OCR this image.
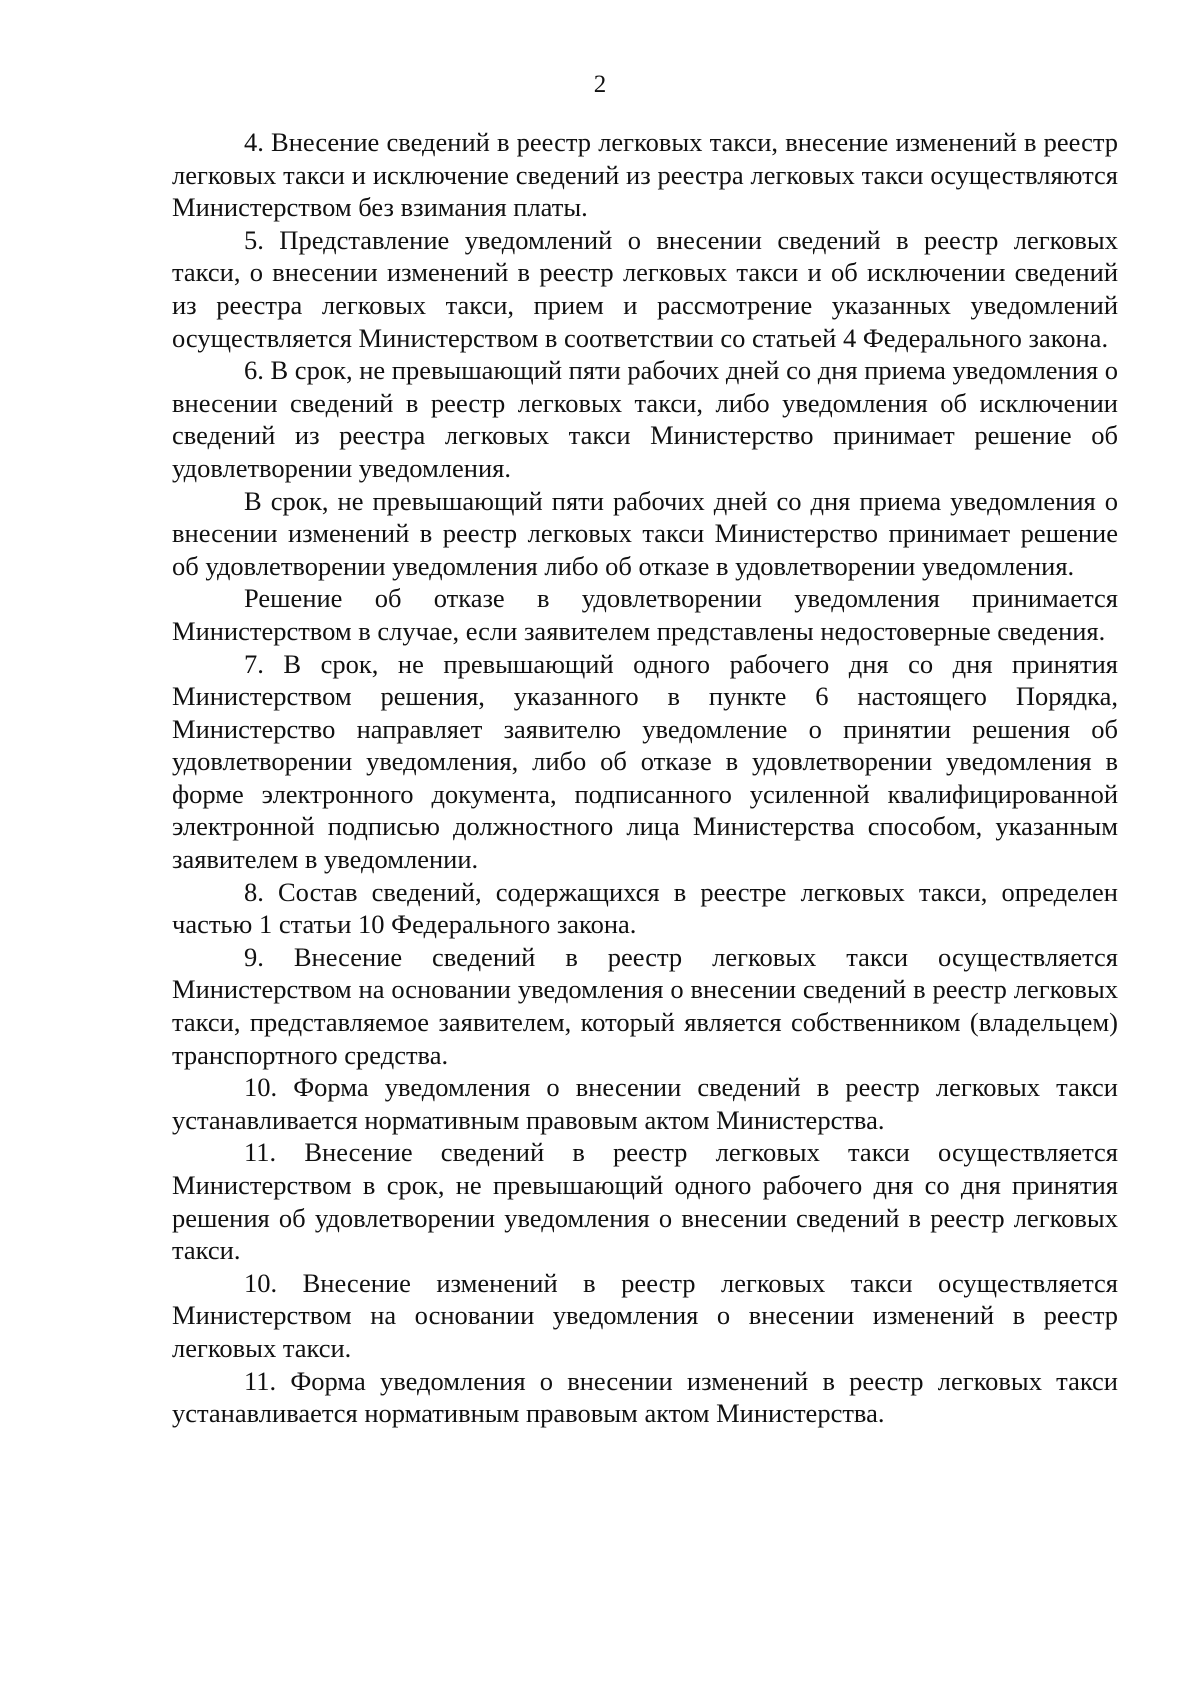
2

4. Внесение сведений в реестр легковых такси, внесение изменений в реестр легковых такси и исключение сведений из реестра легковых такси осуществляются Министерством без взимания платы.

5. Представление уведомлений о внесении сведений в реестр легковых такси, о внесении изменений в реестр легковых такси и об исключении сведений из реестра легковых такси, прием и рассмотрение указанных уведомлений осуществляется Министерством в соответствии со статьей 4 Федерального закона.

6. В срок, не превышающий пяти рабочих дней со дня приема уведомления о внесении сведений в реестр легковых такси, либо уведомления об исключении сведений из реестра легковых такси Министерство принимает решение об удовлетворении уведомления.

В срок, не превышающий пяти рабочих дней со дня приема уведомления о внесении изменений в реестр легковых такси Министерство принимает решение об удовлетворении уведомления либо об отказе в удовлетворении уведомления.

Решение об отказе в удовлетворении уведомления принимается Министерством в случае, если заявителем представлены недостоверные сведения.

7. В срок, не превышающий одного рабочего дня со дня принятия Министерством решения, указанного в пункте 6 настоящего Порядка, Министерство направляет заявителю уведомление о принятии решения об удовлетворении уведомления, либо об отказе в удовлетворении уведомления в форме электронного документа, подписанного усиленной квалифицированной электронной подписью должностного лица Министерства способом, указанным заявителем в уведомлении.

8. Состав сведений, содержащихся в реестре легковых такси, определен частью 1 статьи 10 Федерального закона.

9. Внесение сведений в реестр легковых такси осуществляется Министерством на основании уведомления о внесении сведений в реестр легковых такси, представляемое заявителем, который является собственником (владельцем) транспортного средства.

10. Форма уведомления о внесении сведений в реестр легковых такси устанавливается нормативным правовым актом Министерства.

11. Внесение сведений в реестр легковых такси осуществляется Министерством в срок, не превышающий одного рабочего дня со дня принятия решения об удовлетворении уведомления о внесении сведений в реестр легковых такси.

10. Внесение изменений в реестр легковых такси осуществляется Министерством на основании уведомления о внесении изменений в реестр легковых такси.

11. Форма уведомления о внесении изменений в реестр легковых такси устанавливается нормативным правовым актом Министерства.
